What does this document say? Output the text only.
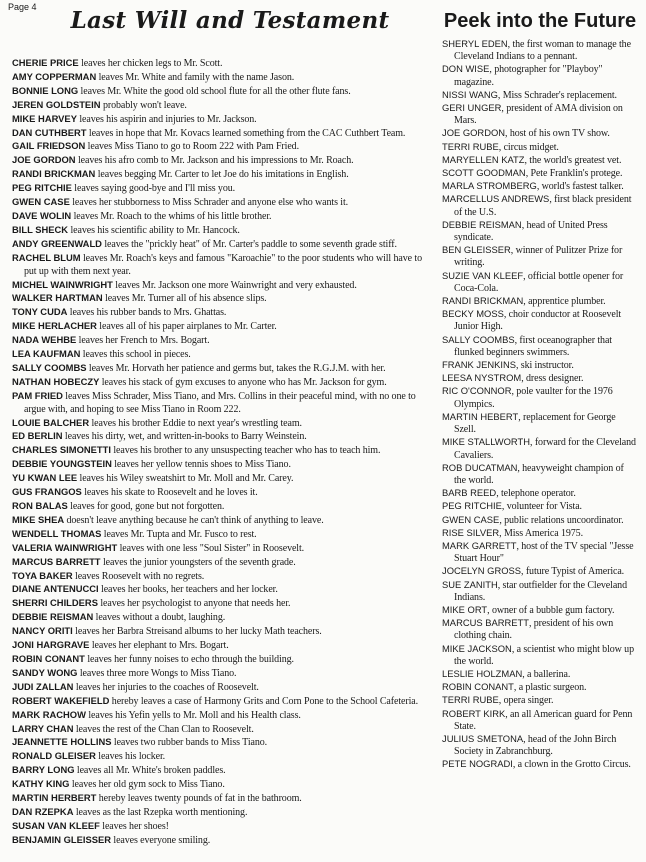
Page 4	Last Will and Testament
CHERIE PRICE leaves her chicken legs to Mr. Scott.
AMY COPPERMAN leaves Mr. White and family with the name Jason.
BONNIE LONG leaves Mr. White the good old school flute for all the other flute fans.
JEREN GOLDSTEIN probably won't leave.
MIKE HARVEY leaves his aspirin and injuries to Mr. Jackson.
DAN CUTHBERT leaves in hope that Mr. Kovacs learned something from the CAC Cuthbert Team.
GAIL FRIEDSON leaves Miss Tiano to go to Room 222 with Pam Fried.
JOE GORDON leaves his afro comb to Mr. Jackson and his impressions to Mr. Roach.
RANDI BRICKMAN leaves begging Mr. Carter to let Joe do his imitations in English.
PEG RITCHIE leaves saying good-bye and I'll miss you.
GWEN CASE leaves her stubborness to Miss Schrader and anyone else who wants it.
DAVE WOLIN leaves Mr. Roach to the whims of his little brother.
BILL SHECK leaves his scientific ability to Mr. Hancock.
ANDY GREENWALD leaves the "prickly heat" of Mr. Carter's paddle to some seventh grade stiff.
RACHEL BLUM leaves Mr. Roach's keys and famous "Karoachie" to the poor students who will have to put up with them next year.
MICHEL WAINWRIGHT leaves Mr. Jackson one more Wainwright and very exhausted.
WALKER HARTMAN leaves Mr. Turner all of his absence slips.
TONY CUDA leaves his rubber bands to Mrs. Ghattas.
MIKE HERLACHER leaves all of his paper airplanes to Mr. Carter.
NADA WEHBE leaves her French to Mrs. Bogart.
LEA KAUFMAN leaves this school in pieces.
SALLY COOMBS leaves Mr. Horvath her patience and germs but, takes the R.G.J.M. with her.
NATHAN HOBECZY leaves his stack of gym excuses to anyone who has Mr. Jackson for gym.
PAM FRIED leaves Miss Schrader, Miss Tiano, and Mrs. Collins in their peaceful mind, with no one to argue with, and hoping to see Miss Tiano in Room 222.
LOUIE BALCHER leaves his brother Eddie to next year's wrestling team.
ED BERLIN leaves his dirty, wet, and written-in-books to Barry Weinstein.
CHARLES SIMONETTI leaves his brother to any unsuspecting teacher who has to teach him.
DEBBIE YOUNGSTEIN leaves her yellow tennis shoes to Miss Tiano.
YU KWAN LEE leaves his Wiley sweatshirt to Mr. Moll and Mr. Carey.
GUS FRANGOS leaves his skate to Roosevelt and he loves it.
RON BALAS leaves for good, gone but not forgotten.
MIKE SHEA doesn't leave anything because he can't think of anything to leave.
WENDELL THOMAS leaves Mr. Tupta and Mr. Fusco to rest.
VALERIA WAINWRIGHT leaves with one less "Soul Sister" in Roosevelt.
MARCUS BARRETT leaves the junior youngsters of the seventh grade.
TOYA BAKER leaves Roosevelt with no regrets.
DIANE ANTENUCCI leaves her books, her teachers and her locker.
SHERRI CHILDERS leaves her psychologist to anyone that needs her.
DEBBIE REISMAN leaves without a doubt, laughing.
NANCY ORITI leaves her Barbra Streisand albums to her lucky Math teachers.
JONI HARGRAVE leaves her elephant to Mrs. Bogart.
ROBIN CONANT leaves her funny noises to echo through the building.
SANDY WONG leaves three more Wongs to Miss Tiano.
JUDI ZALLAN leaves her injuries to the coaches of Roosevelt.
ROBERT WAKEFIELD hereby leaves a case of Harmony Grits and Corn Pone to the School Cafeteria.
MARK RACHOW leaves his Yefin yells to Mr. Moll and his Health class.
LARRY CHAN leaves the rest of the Chan Clan to Roosevelt.
JEANNETTE HOLLINS leaves two rubber bands to Miss Tiano.
RONALD GLEISER leaves his locker.
BARRY LONG leaves all Mr. White's broken paddles.
KATHY KING leaves her old gym sock to Miss Tiano.
MARTIN HERBERT hereby leaves twenty pounds of fat in the bathroom.
DAN RZEPKA leaves as the last Rzepka worth mentioning.
SUSAN VAN KLEEF leaves her shoes!
BENJAMIN GLEISSER leaves everyone smiling.
Peek into the Future
SHERYL EDEN, the first woman to manage the Cleveland Indians to a pennant.
DON WISE, photographer for "Playboy" magazine.
NISSI WANG, Miss Schrader's replacement.
GERI UNGER, president of AMA division on Mars.
JOE GORDON, host of his own TV show.
TERRI RUBE, circus midget.
MARYELLEN KATZ, the world's greatest vet.
SCOTT GOODMAN, Pete Franklin's protege.
MARLA STROMBERG, world's fastest talker.
MARCELLUS ANDREWS, first black president of the U.S.
DEBBIE REISMAN, head of United Press syndicate.
BEN GLEISSER, winner of Pulitzer Prize for writing.
SUZIE VAN KLEEF, official bottle opener for Coca-Cola.
RANDI BRICKMAN, apprentice plumber.
BECKY MOSS, choir conductor at Roosevelt Junior High.
SALLY COOMBS, first oceanographer that flunked beginners swimmers.
FRANK JENKINS, ski instructor.
LEESA NYSTROM, dress designer.
RIC O'CONNOR, pole vaulter for the 1976 Olympics.
MARTIN HEBERT, replacement for George Szell.
MIKE STALLWORTH, forward for the Cleveland Cavaliers.
ROB DUCATMAN, heavyweight champion of the world.
BARB REED, telephone operator.
PEG RITCHIE, volunteer for Vista.
GWEN CASE, public relations uncoordinator.
RISE SILVER, Miss America 1975.
MARK GARRETT, host of the TV special "Jesse Stuart Hour"
JOCELYN GROSS, future Typist of America.
SUE ZANITH, star outfielder for the Cleveland Indians.
MIKE ORT, owner of a bubble gum factory.
MARCUS BARRETT, president of his own clothing chain.
MIKE JACKSON, a scientist who might blow up the world.
LESLIE HOLZMAN, a ballerina.
ROBIN CONANT, a plastic surgeon.
TERRI RUBE, opera singer.
ROBERT KIRK, an all American guard for Penn State.
JULIUS SMETONA, head of the John Birch Society in Zabranchburg.
PETE NOGRADI, a clown in the Grotto Circus.
